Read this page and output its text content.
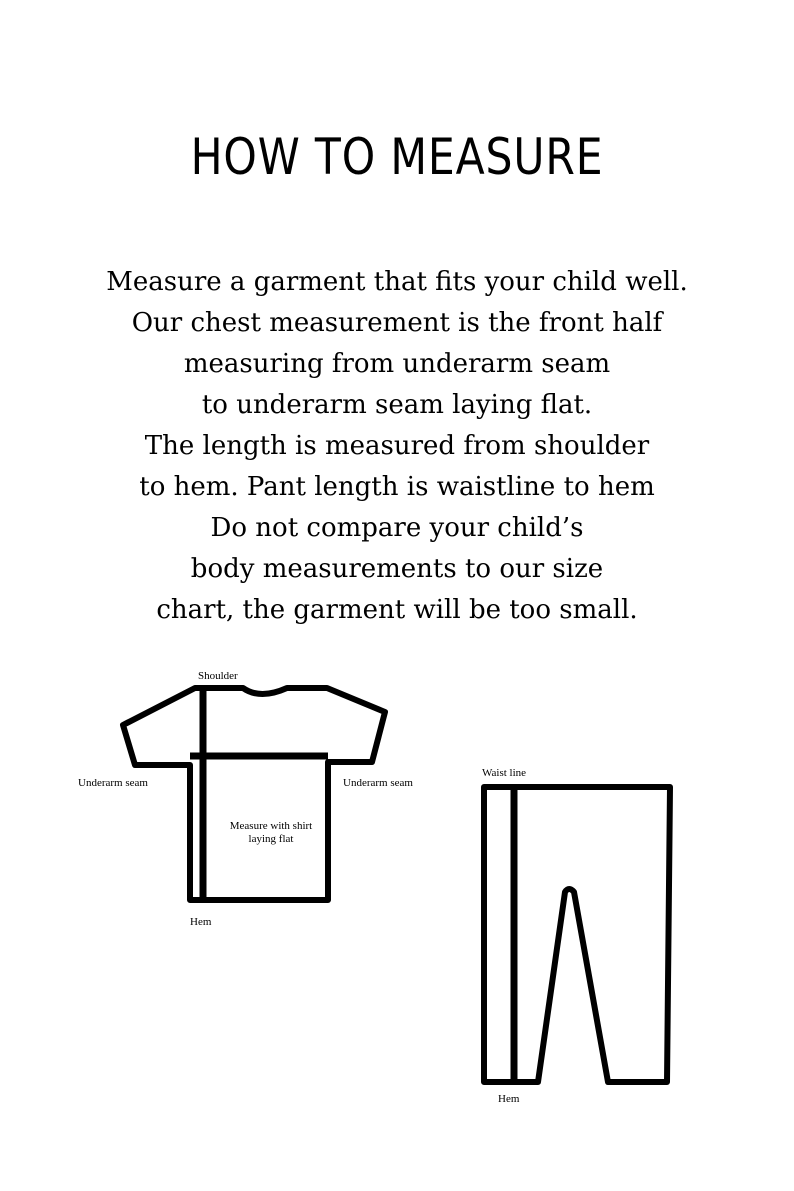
HOW TO MEASURE
Measure a garment that fits your child well.
Our chest measurement is the front half
measuring from underarm seam
to underarm seam laying flat.
The length is measured from shoulder
to hem. Pant length is waistline to hem
Do not compare your child’s
body measurements to our size
chart, the garment will be too small.
Shoulder
Underarm seam	Underarm seam
Measure with shirt laying flat
Hem
Waist line
Hem
